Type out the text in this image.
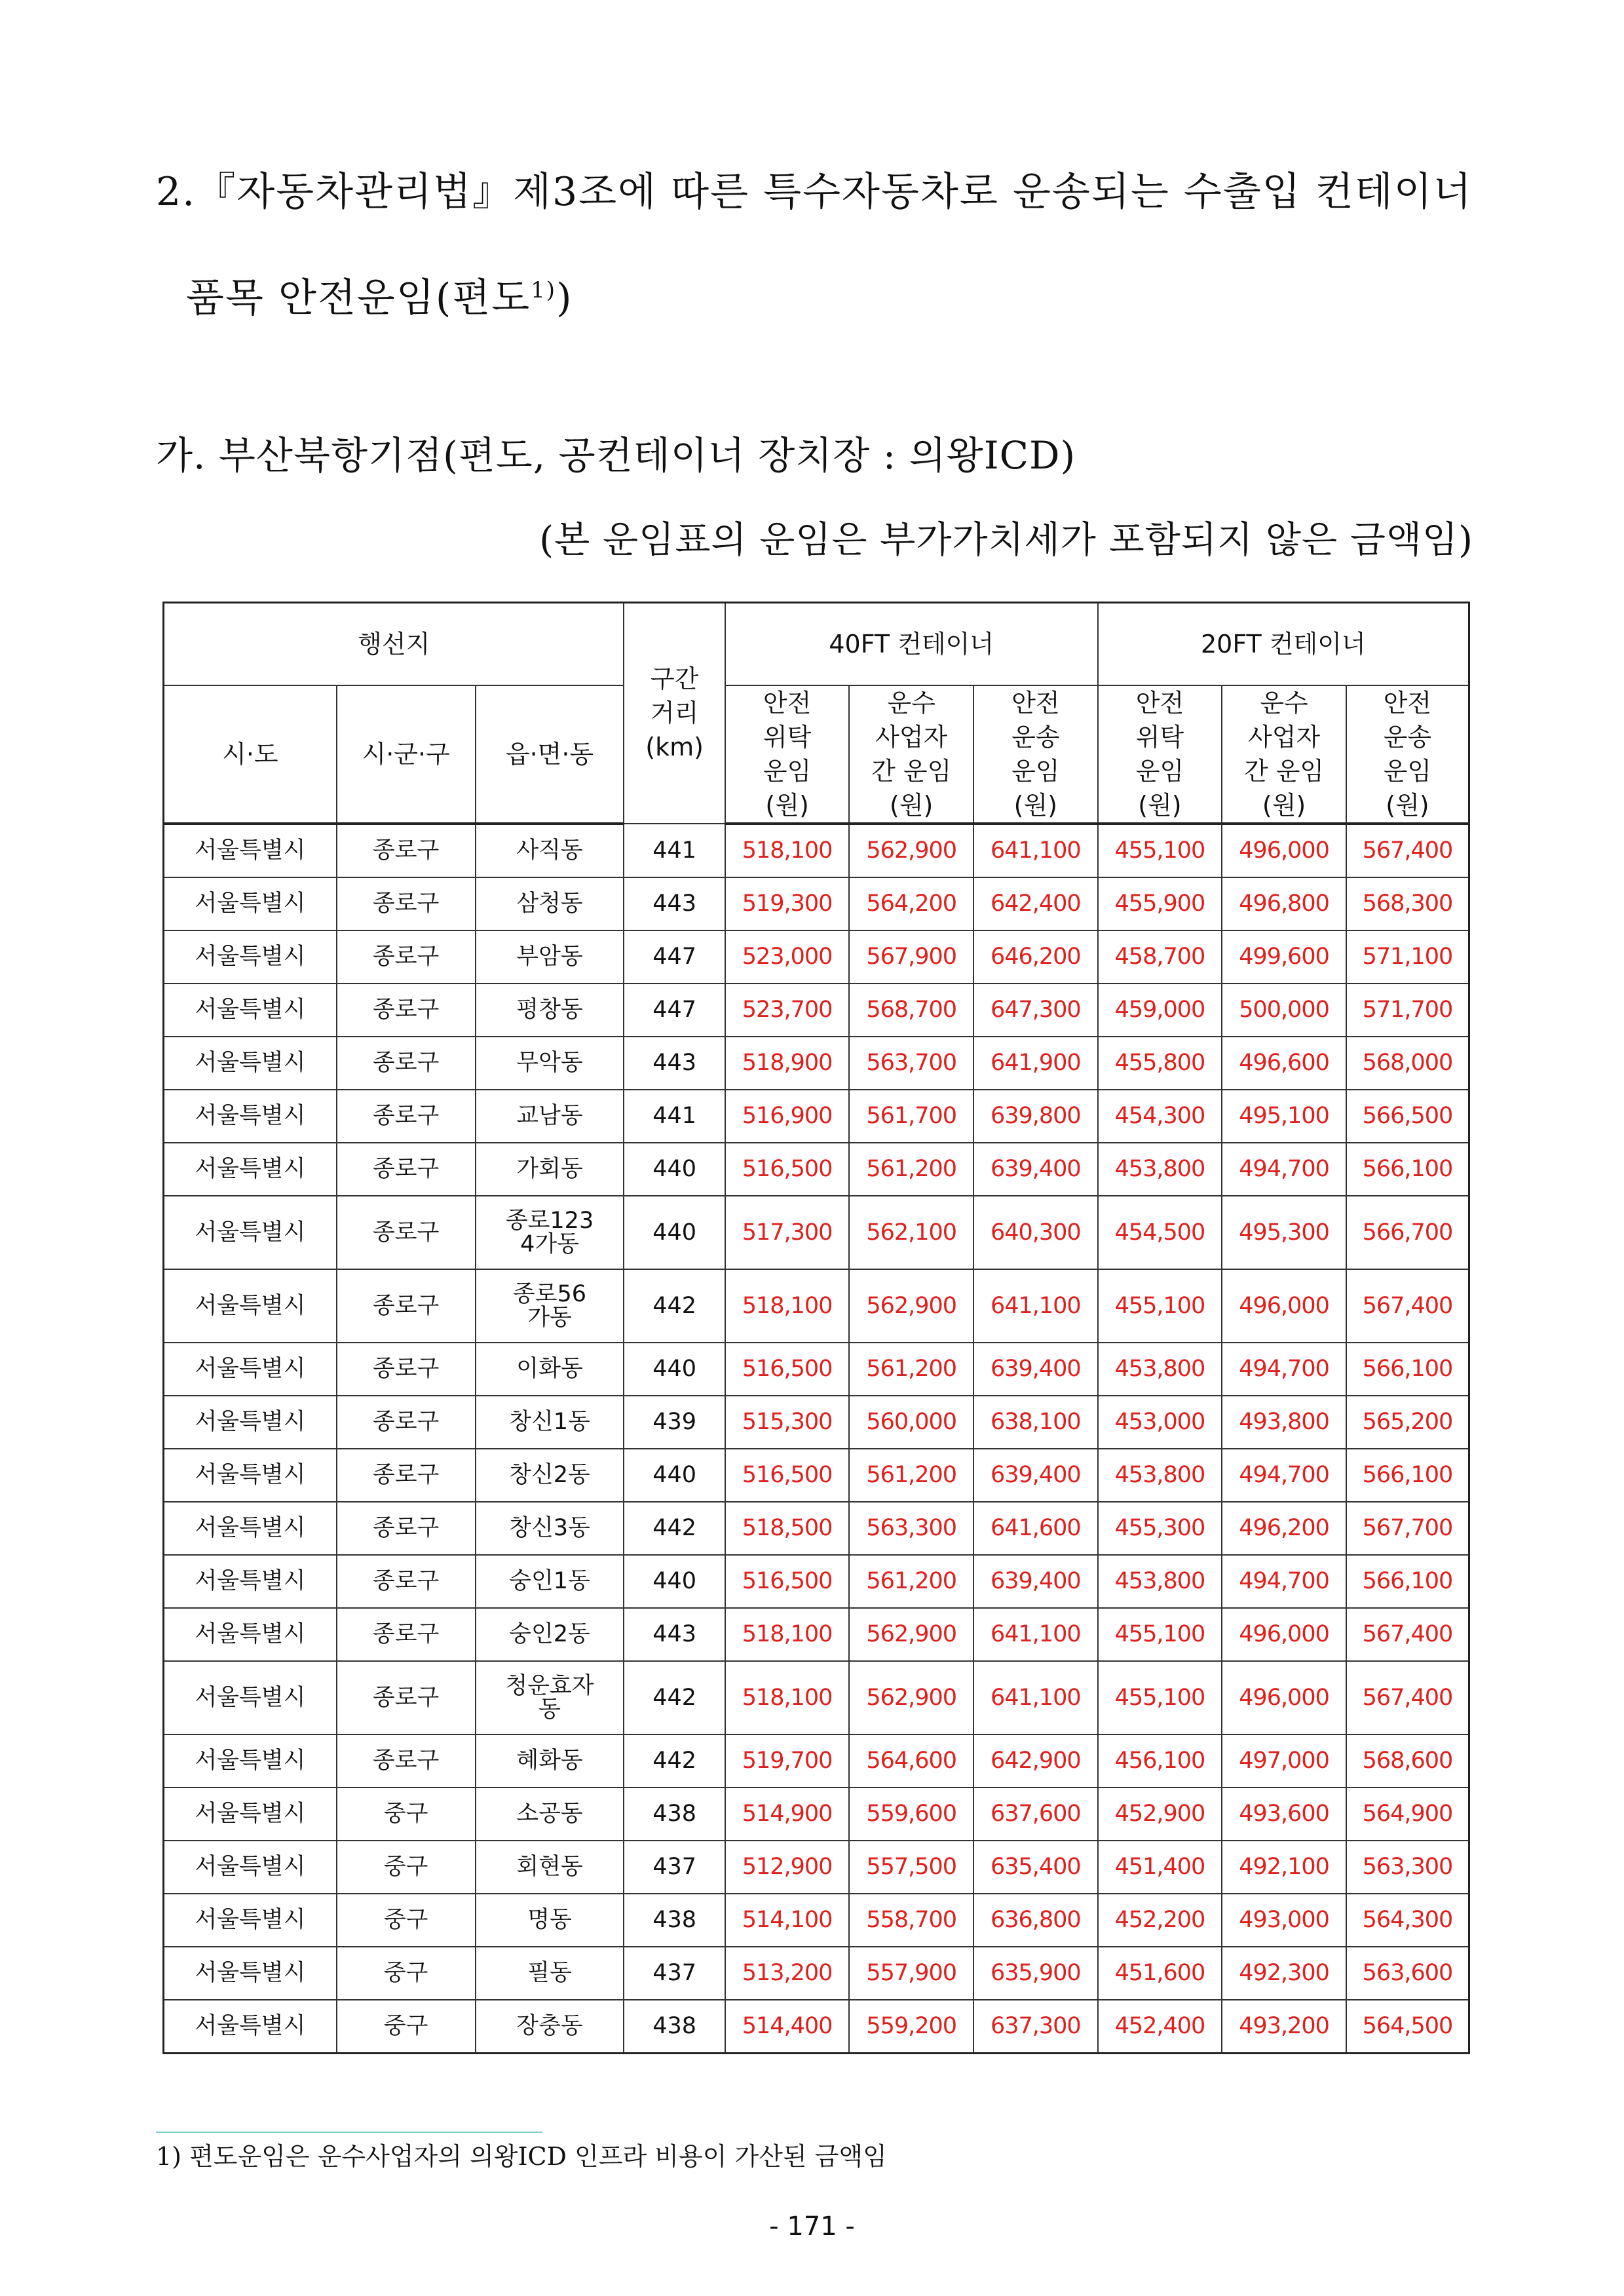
2.『자동차관리법』제3조에 따른 특수자동차로 운송되는 수출입 컨테이너
품목 안전운임(편도$^{1)}$)
가. 부산북항기점(편도, 공컨테이너 장치장 : 의왕ICD)
(본 운임표의 운임은 부가가치세가 포함되지 않은 금액임)
행선지			구간
거리
(km)	40FT 컨테이너			20FT 컨테이너		
시·도	시·군·구	읍·면·동		안전
위탁
운임
(원)	운수
사업자
간 운임
(원)	안전
운송
운임
(원)	안전
위탁
운임
(원)	운수
사업자
간 운임
(원)	안전
운송
운임
(원)
서울특별시	종로구	사직동	441	518,100	562,900	641,100	455,100	496,000	567,400
서울특별시	종로구	삼청동	443	519,300	564,200	642,400	455,900	496,800	568,300
서울특별시	종로구	부암동	447	523,000	567,900	646,200	458,700	499,600	571,100
서울특별시	종로구	평창동	447	523,700	568,700	647,300	459,000	500,000	571,700
서울특별시	종로구	무악동	443	518,900	563,700	641,900	455,800	496,600	568,000
서울특별시	종로구	교남동	441	516,900	561,700	639,800	454,300	495,100	566,500
서울특별시	종로구	가회동	440	516,500	561,200	639,400	453,800	494,700	566,100
서울특별시	종로구	종로1234가동	440	517,300	562,100	640,300	454,500	495,300	566,700
서울특별시	종로구	종로56가동	442	518,100	562,900	641,100	455,100	496,000	567,400
서울특별시	종로구	이화동	440	516,500	561,200	639,400	453,800	494,700	566,100
서울특별시	종로구	창신1동	439	515,300	560,000	638,100	453,000	493,800	565,200
서울특별시	종로구	창신2동	440	516,500	561,200	639,400	453,800	494,700	566,100
서울특별시	종로구	창신3동	442	518,500	563,300	641,600	455,300	496,200	567,700
서울특별시	종로구	숭인1동	440	516,500	561,200	639,400	453,800	494,700	566,100
서울특별시	종로구	숭인2동	443	518,100	562,900	641,100	455,100	496,000	567,400
서울특별시	종로구	청운효자동	442	518,100	562,900	641,100	455,100	496,000	567,400
서울특별시	종로구	혜화동	442	519,700	564,600	642,900	456,100	497,000	568,600
서울특별시	중구	소공동	438	514,900	559,600	637,600	452,900	493,600	564,900
서울특별시	중구	회현동	437	512,900	557,500	635,400	451,400	492,100	563,300
서울특별시	중구	명동	438	514,100	558,700	636,800	452,200	493,000	564,300
서울특별시	중구	필동	437	513,200	557,900	635,900	451,600	492,300	563,600
서울특별시	중구	장충동	438	514,400	559,200	637,300	452,400	493,200	564,500
1) 편도운임은 운수사업자의 의왕ICD 인프라 비용이 가산된 금액임
- 171 -
